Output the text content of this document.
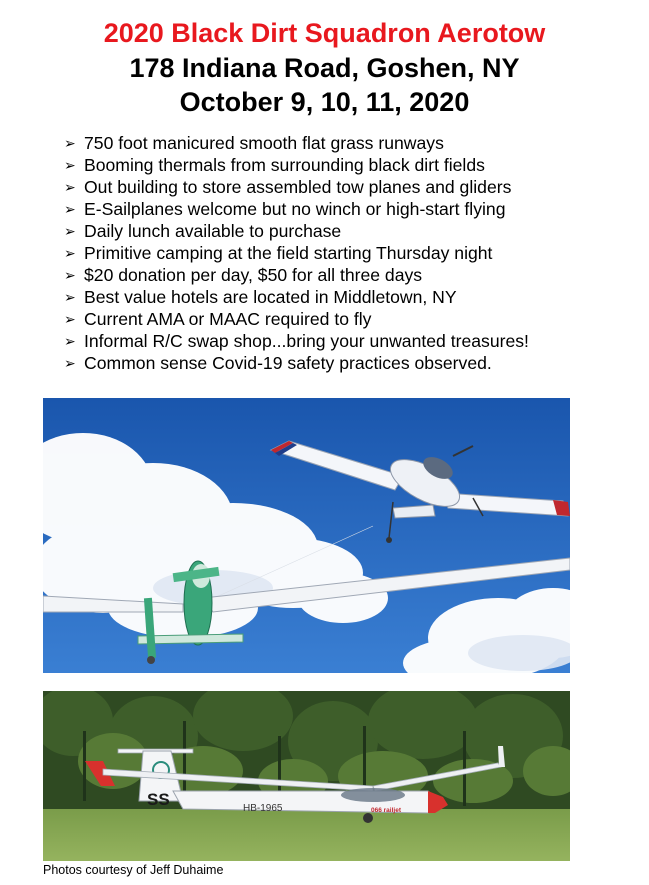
2020 Black Dirt Squadron Aerotow
178 Indiana Road, Goshen, NY
October 9, 10, 11, 2020
➢ 750 foot manicured smooth flat grass runways
➢ Booming thermals from surrounding black dirt fields
➢ Out building to store assembled tow planes and gliders
➢ E-Sailplanes welcome but no winch or high-start flying
➢ Daily lunch available to purchase
➢ Primitive camping at the field starting Thursday night
➢ $20 donation per day, $50 for all three days
➢ Best value hotels are located in Middletown, NY
➢ Current AMA or MAAC required to fly
➢ Informal R/C swap shop...bring your unwanted treasures!
➢ Common sense Covid-19 safety practices observed.
SS	HB-1965	066 railjet
Photos courtesy of Jeff Duhaime
